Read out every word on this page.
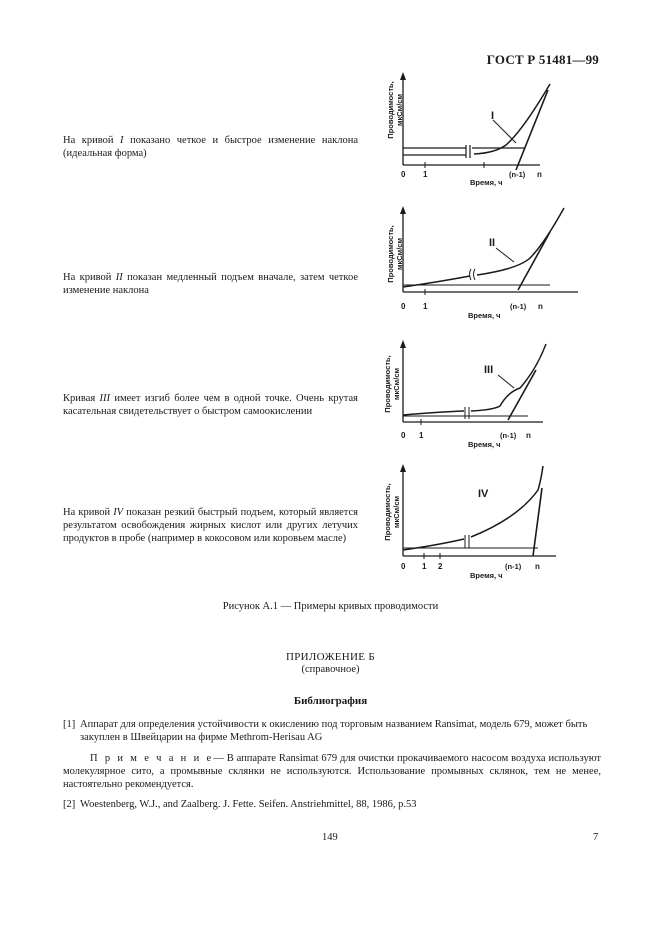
ГОСТ Р 51481—99
На кривой I показано четкое и быстрое изменение наклона (идеальная форма)
На кривой II показан медленный подъем вначале, затем четкое изменение наклона
Кривая III имеет изгиб более чем в одной точке. Очень крутая касательная свидетельствует о быстром самоокислении
На кривой IV показан резкий быстрый подъем, который является результатом освобождения жирных кислот или других летучих продуктов в пробе (например в кокосовом или коровьем масле)
I
Проводимость, мкСм/см
0 1	(n-1) n
Время, ч
II
Проводимость, мкСм/см
0 1	(n-1) n
Время, ч
III
Проводимость, мкСм/см
0 1	(n-1) n
Время, ч
IV
Проводимость, мкСм/см
0 1 2	(n-1) n
Время, ч
Рисунок А.1 — Примеры кривых проводимости
ПРИЛОЖЕНИЕ Б
(справочное)
Библиография
[1] Аппарат для определения устойчивости к окислению под торговым названием Ransimat, модель 679, может быть закуплен в Швейцарии на фирме Methrom-Herisau AG
П р и м е ч а н и е— В аппарате Ransimat 679 для очистки прокачиваемого насосом воздуха используют молекулярное сито, а промывные склянки не используются. Использование промывных склянок, тем не менее, настоятельно рекомендуется.
[2] Woestenberg, W.J., and Zaalberg. J. Fette. Seifen. Anstriehmittel, 88, 1986, p.53
149	7
